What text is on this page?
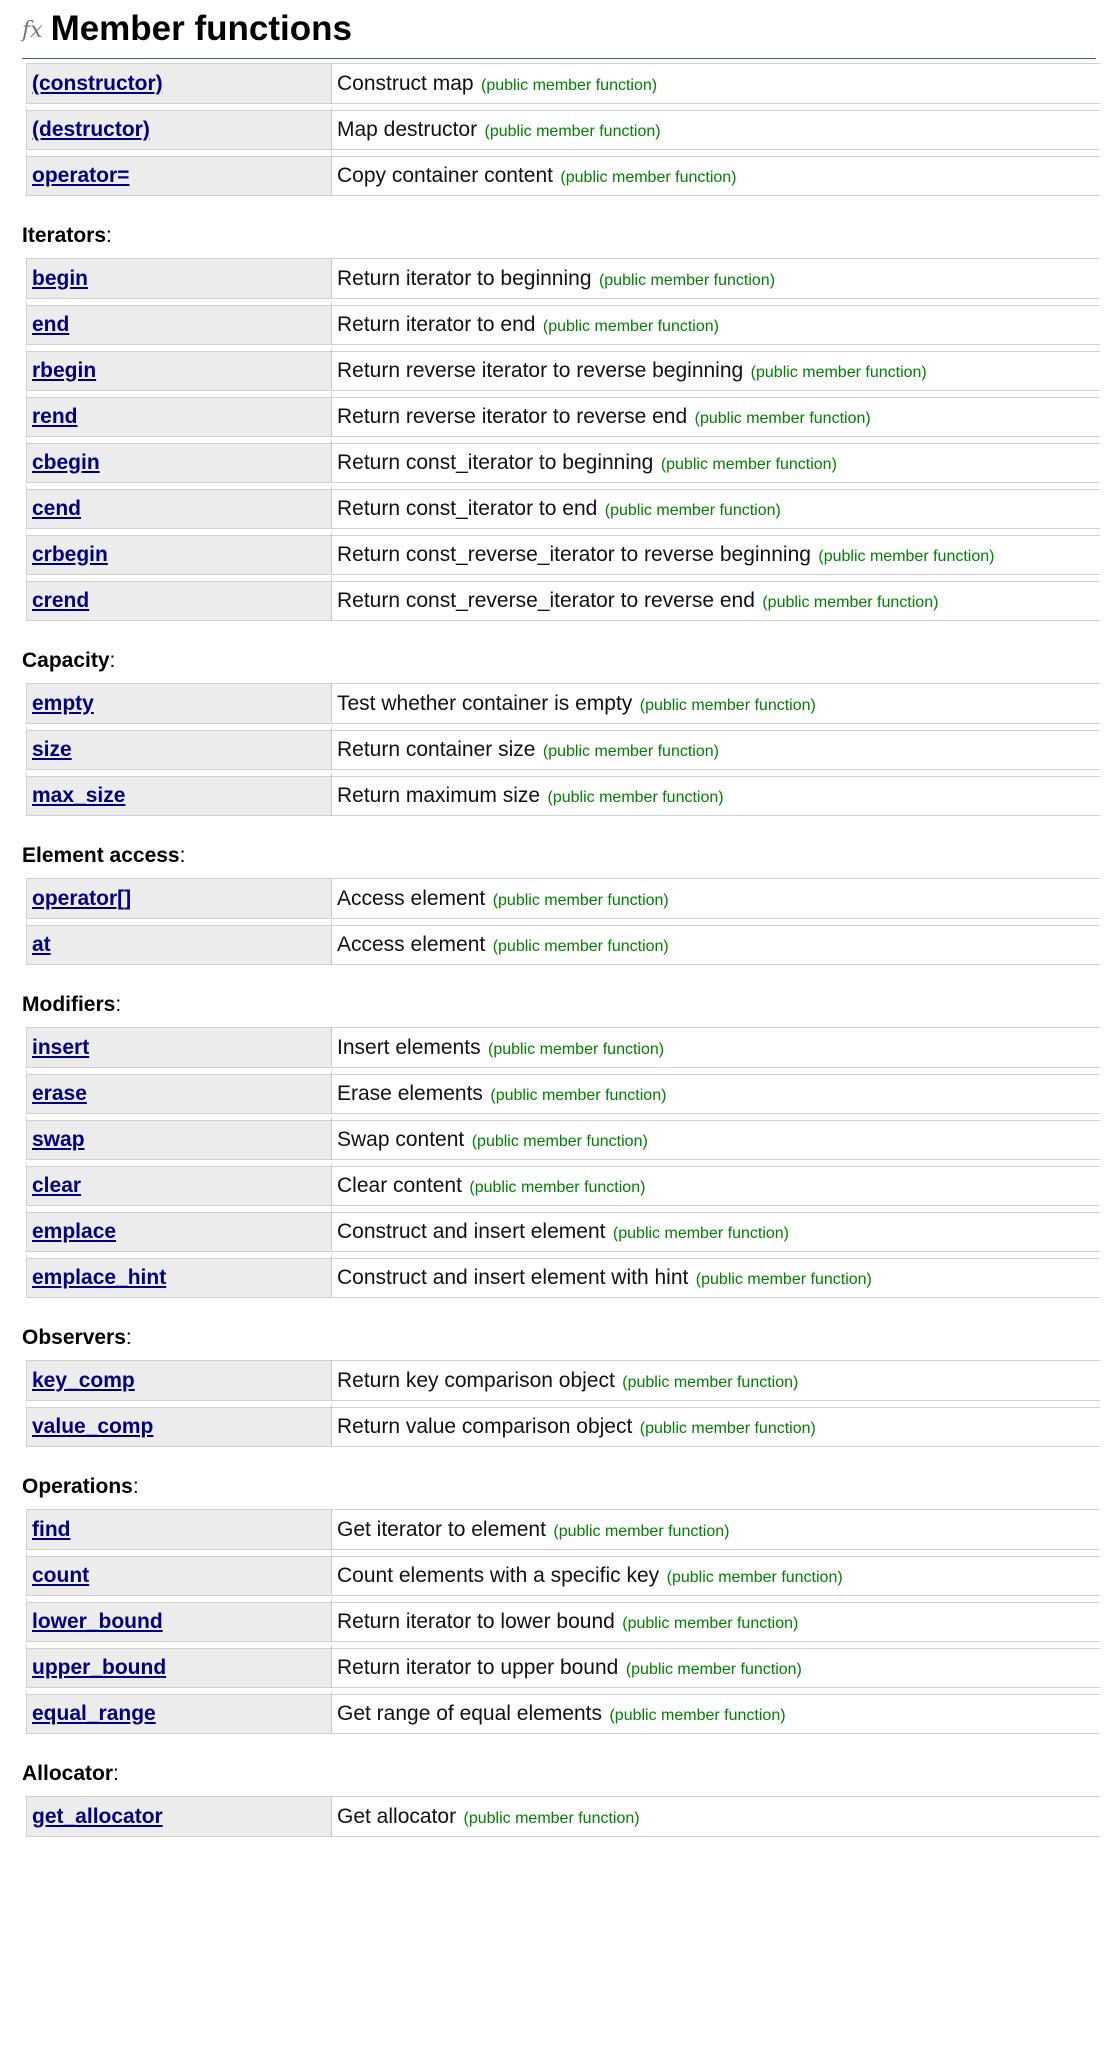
fx Member functions
(constructor)	Construct map (public member function)
(destructor)	Map destructor (public member function)
operator=	Copy container content (public member function)
Iterators:
begin	Return iterator to beginning (public member function)
end	Return iterator to end (public member function)
rbegin	Return reverse iterator to reverse beginning (public member function)
rend	Return reverse iterator to reverse end (public member function)
cbegin	Return const_iterator to beginning (public member function)
cend	Return const_iterator to end (public member function)
crbegin	Return const_reverse_iterator to reverse beginning (public member function)
crend	Return const_reverse_iterator to reverse end (public member function)
Capacity:
empty	Test whether container is empty (public member function)
size	Return container size (public member function)
max_size	Return maximum size (public member function)
Element access:
operator[]	Access element (public member function)
at	Access element (public member function)
Modifiers:
insert	Insert elements (public member function)
erase	Erase elements (public member function)
swap	Swap content (public member function)
clear	Clear content (public member function)
emplace	Construct and insert element (public member function)
emplace_hint	Construct and insert element with hint (public member function)
Observers:
key_comp	Return key comparison object (public member function)
value_comp	Return value comparison object (public member function)
Operations:
find	Get iterator to element (public member function)
count	Count elements with a specific key (public member function)
lower_bound	Return iterator to lower bound (public member function)
upper_bound	Return iterator to upper bound (public member function)
equal_range	Get range of equal elements (public member function)
Allocator:
get_allocator	Get allocator (public member function)
